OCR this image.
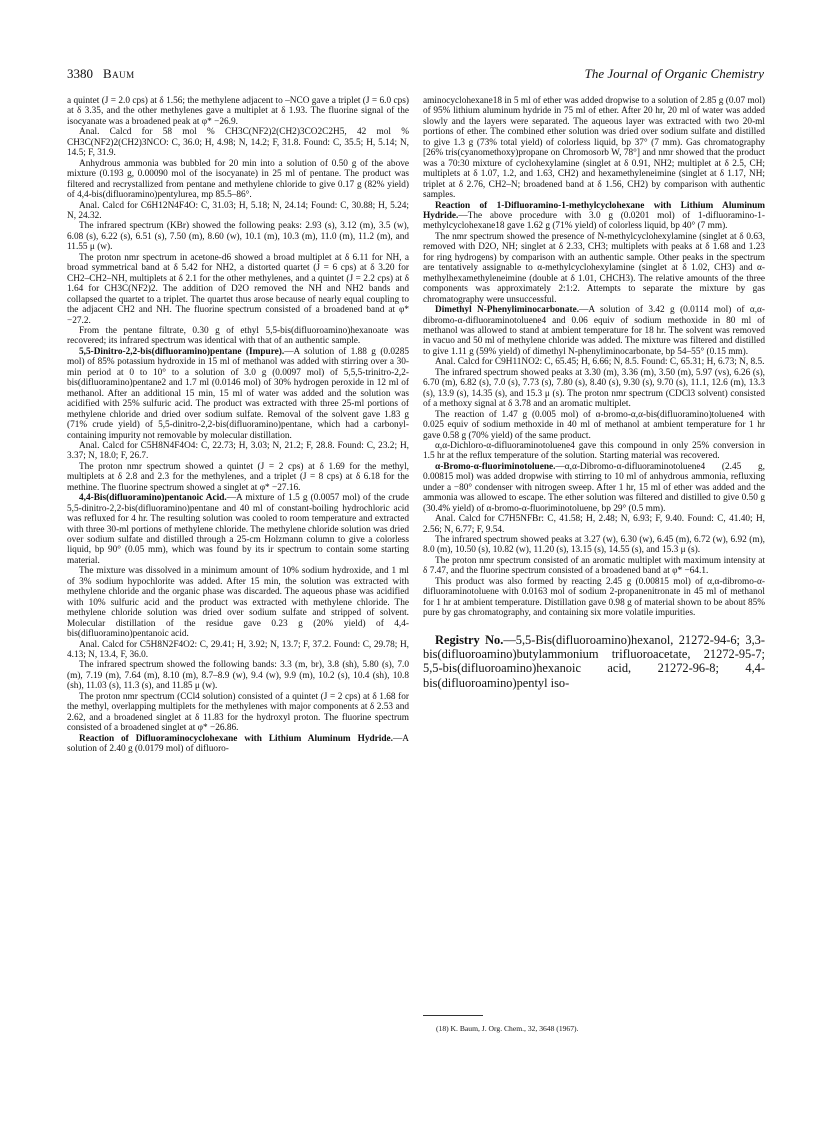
3380 Baum	The Journal of Organic Chemistry

a quintet (J = 2.0 cps) at δ 1.56; the methylene adjacent to –NCO gave a triplet (J = 6.0 cps) at δ 3.35, and the other methylenes gave a multiplet at δ 1.93. The fluorine signal of the isocyanate was a broadened peak at φ* −26.9.

Anal. Calcd for 58 mol % CH3C(NF2)2(CH2)3CO2C2H5, 42 mol % CH3C(NF2)2(CH2)3NCO: C, 36.0; H, 4.98; N, 14.2; F, 31.8. Found: C, 35.5; H, 5.14; N, 14.5; F, 31.9.

Anhydrous ammonia was bubbled for 20 min into a solution of 0.50 g of the above mixture (0.193 g, 0.00090 mol of the isocyanate) in 25 ml of pentane. The product was filtered and recrystallized from pentane and methylene chloride to give 0.17 g (82% yield) of 4,4-bis(difluoramino)pentylurea, mp 85.5–86°.

Anal. Calcd for C6H12N4F4O: C, 31.03; H, 5.18; N, 24.14; Found: C, 30.88; H, 5.24; N, 24.32.

The infrared spectrum (KBr) showed the following peaks: 2.93 (s), 3.12 (m), 3.5 (w), 6.08 (s), 6.22 (s), 6.51 (s), 7.50 (m), 8.60 (w), 10.1 (m), 10.3 (m), 11.0 (m), 11.2 (m), and 11.55 μ (w).

The proton nmr spectrum in acetone-d6 showed a broad multiplet at δ 6.11 for NH, a broad symmetrical band at δ 5.42 for NH2, a distorted quartet (J = 6 cps) at δ 3.20 for CH2–CH2–NH, multiplets at δ 2.1 for the other methylenes, and a quintet (J = 2.2 cps) at δ 1.64 for CH3C(NF2)2. The addition of D2O removed the NH and NH2 bands and collapsed the quartet to a triplet. The quartet thus arose because of nearly equal coupling to the adjacent CH2 and NH. The fluorine spectrum consisted of a broadened band at φ* −27.2.

From the pentane filtrate, 0.30 g of ethyl 5,5-bis(difluoroamino)hexanoate was recovered; its infrared spectrum was identical with that of an authentic sample.

5,5-Dinitro-2,2-bis(difluoramino)pentane (Impure).—A solution of 1.88 g (0.0285 mol) of 85% potassium hydroxide in 15 ml of methanol was added with stirring over a 30-min period at 0 to 10° to a solution of 3.0 g (0.0097 mol) of 5,5,5-trinitro-2,2-bis(difluoramino)pentane2 and 1.7 ml (0.0146 mol) of 30% hydrogen peroxide in 12 ml of methanol. After an additional 15 min, 15 ml of water was added and the solution was acidified with 25% sulfuric acid. The product was extracted with three 25-ml portions of methylene chloride and dried over sodium sulfate. Removal of the solvent gave 1.83 g (71% crude yield) of 5,5-dinitro-2,2-bis(difluoramino)pentane, which had a carbonyl-containing impurity not removable by molecular distillation.

Anal. Calcd for C5H8N4F4O4: C, 22.73; H, 3.03; N, 21.2; F, 28.8. Found: C, 23.2; H, 3.37; N, 18.0; F, 26.7.

The proton nmr spectrum showed a quintet (J = 2 cps) at δ 1.69 for the methyl, multiplets at δ 2.8 and 2.3 for the methylenes, and a triplet (J = 8 cps) at δ 6.18 for the methine. The fluorine spectrum showed a singlet at φ* −27.16.

4,4-Bis(difluoramino)pentanoic Acid.—A mixture of 1.5 g (0.0057 mol) of the crude 5,5-dinitro-2,2-bis(difluoramino)pentane and 40 ml of constant-boiling hydrochloric acid was refluxed for 4 hr. The resulting solution was cooled to room temperature and extracted with three 30-ml portions of methylene chloride. The methylene chloride solution was dried over sodium sulfate and distilled through a 25-cm Holzmann column to give a colorless liquid, bp 90° (0.05 mm), which was found by its ir spectrum to contain some starting material.

The mixture was dissolved in a minimum amount of 10% sodium hydroxide, and 1 ml of 3% sodium hypochlorite was added. After 15 min, the solution was extracted with methylene chloride and the organic phase was discarded. The aqueous phase was acidified with 10% sulfuric acid and the product was extracted with methylene chloride. The methylene chloride solution was dried over sodium sulfate and stripped of solvent. Molecular distillation of the residue gave 0.23 g (20% yield) of 4,4-bis(difluoramino)pentanoic acid.

Anal. Calcd for C5H8N2F4O2: C, 29.41; H, 3.92; N, 13.7; F, 37.2. Found: C, 29.78; H, 4.13; N, 13.4, F, 36.0.

The infrared spectrum showed the following bands: 3.3 (m, br), 3.8 (sh), 5.80 (s), 7.0 (m), 7.19 (m), 7.64 (m), 8.10 (m), 8.7–8.9 (w), 9.4 (w), 9.9 (m), 10.2 (s), 10.4 (sh), 10.8 (sh), 11.03 (s), 11.3 (s), and 11.85 μ (w).

The proton nmr spectrum (CCl4 solution) consisted of a quintet (J = 2 cps) at δ 1.68 for the methyl, overlapping multiplets for the methylenes with major components at δ 2.53 and 2.62, and a broadened singlet at δ 11.83 for the hydroxyl proton. The fluorine spectrum consisted of a broadened singlet at φ* −26.86.

Reaction of Difluoraminocyclohexane with Lithium Aluminum Hydride.—A solution of 2.40 g (0.0179 mol) of difluoro-

aminocyclohexane18 in 5 ml of ether was added dropwise to a solution of 2.85 g (0.07 mol) of 95% lithium aluminum hydride in 75 ml of ether. After 20 hr, 20 ml of water was added slowly and the layers were separated. The aqueous layer was extracted with two 20-ml portions of ether. The combined ether solution was dried over sodium sulfate and distilled to give 1.3 g (73% total yield) of colorless liquid, bp 37° (7 mm). Gas chromatography [26% tris(cyanomethoxy)propane on Chromosorb W, 78°] and nmr showed that the product was a 70:30 mixture of cyclohexylamine (singlet at δ 0.91, NH2; multiplet at δ 2.5, CH; multiplets at δ 1.07, 1.2, and 1.63, CH2) and hexamethyleneimine (singlet at δ 1.17, NH; triplet at δ 2.76, CH2–N; broadened band at δ 1.56, CH2) by comparison with authentic samples.

Reaction of 1-Difluoramino-1-methylcyclohexane with Lithium Aluminum Hydride.—The above procedure with 3.0 g (0.0201 mol) of 1-difluoramino-1-methylcyclohexane18 gave 1.62 g (71% yield) of colorless liquid, bp 40° (7 mm).

The nmr spectrum showed the presence of N-methylcyclohexylamine (singlet at δ 0.63, removed with D2O, NH; singlet at δ 2.33, CH3; multiplets with peaks at δ 1.68 and 1.23 for ring hydrogens) by comparison with an authentic sample. Other peaks in the spectrum are tentatively assignable to α-methylcyclohexylamine (singlet at δ 1.02, CH3) and α-methylhexamethyleneimine (double at δ 1.01, CHCH3). The relative amounts of the three components was approximately 2:1:2. Attempts to separate the mixture by gas chromatography were unsuccessful.

Dimethyl N-Phenyliminocarbonate.—A solution of 3.42 g (0.0114 mol) of α,α-dibromo-α-difluoraminotoluene4 and 0.06 equiv of sodium methoxide in 80 ml of methanol was allowed to stand at ambient temperature for 18 hr. The solvent was removed in vacuo and 50 ml of methylene chloride was added. The mixture was filtered and distilled to give 1.11 g (59% yield) of dimethyl N-phenyliminocarbonate, bp 54–55° (0.15 mm).

Anal. Calcd for C9H11NO2: C, 65.45; H, 6.66; N, 8.5. Found: C, 65.31; H, 6.73; N, 8.5.

The infrared spectrum showed peaks at 3.30 (m), 3.36 (m), 3.50 (m), 5.97 (vs), 6.26 (s), 6.70 (m), 6.82 (s), 7.0 (s), 7.73 (s), 7.80 (s), 8.40 (s), 9.30 (s), 9.70 (s), 11.1, 12.6 (m), 13.3 (s), 13.9 (s), 14.35 (s), and 15.3 μ (s). The proton nmr spectrum (CDCl3 solvent) consisted of a methoxy signal at δ 3.78 and an aromatic multiplet.

The reaction of 1.47 g (0.005 mol) of α-bromo-α,α-bis(difluoramino)toluene4 with 0.025 equiv of sodium methoxide in 40 ml of methanol at ambient temperature for 1 hr gave 0.58 g (70% yield) of the same product.

α,α-Dichloro-α-difluoraminotoluene4 gave this compound in only 25% conversion in 1.5 hr at the reflux temperature of the solution. Starting material was recovered.

α-Bromo-α-fluoriminotoluene.—α,α-Dibromo-α-difluoraminotoluene4 (2.45 g, 0.00815 mol) was added dropwise with stirring to 10 ml of anhydrous ammonia, refluxing under a −80° condenser with nitrogen sweep. After 1 hr, 15 ml of ether was added and the ammonia was allowed to escape. The ether solution was filtered and distilled to give 0.50 g (30.4% yield) of α-bromo-α-fluoriminotoluene, bp 29° (0.5 mm).

Anal. Calcd for C7H5NFBr: C, 41.58; H, 2.48; N, 6.93; F, 9.40. Found: C, 41.40; H, 2.56; N, 6.77; F, 9.54.

The infrared spectrum showed peaks at 3.27 (w), 6.30 (w), 6.45 (m), 6.72 (w), 6.92 (m), 8.0 (m), 10.50 (s), 10.82 (w), 11.20 (s), 13.15 (s), 14.55 (s), and 15.3 μ (s).

The proton nmr spectrum consisted of an aromatic multiplet with maximum intensity at δ 7.47, and the fluorine spectrum consisted of a broadened band at φ* −64.1.

This product was also formed by reacting 2.45 g (0.00815 mol) of α,α-dibromo-α-difluoraminotoluene with 0.0163 mol of sodium 2-propanenitronate in 45 ml of methanol for 1 hr at ambient temperature. Distillation gave 0.98 g of material shown to be about 85% pure by gas chromatography, and containing six more volatile impurities.

Registry No.—5,5-Bis(difluoroamino)hexanol, 21272-94-6; 3,3-bis(difluoroamino)butylammonium trifluoroacetate, 21272-95-7; 5,5-bis(difluoroamino)hexanoic acid, 21272-96-8; 4,4-bis(difluoroamino)pentyl iso-

(18) K. Baum, J. Org. Chem., 32, 3648 (1967).
